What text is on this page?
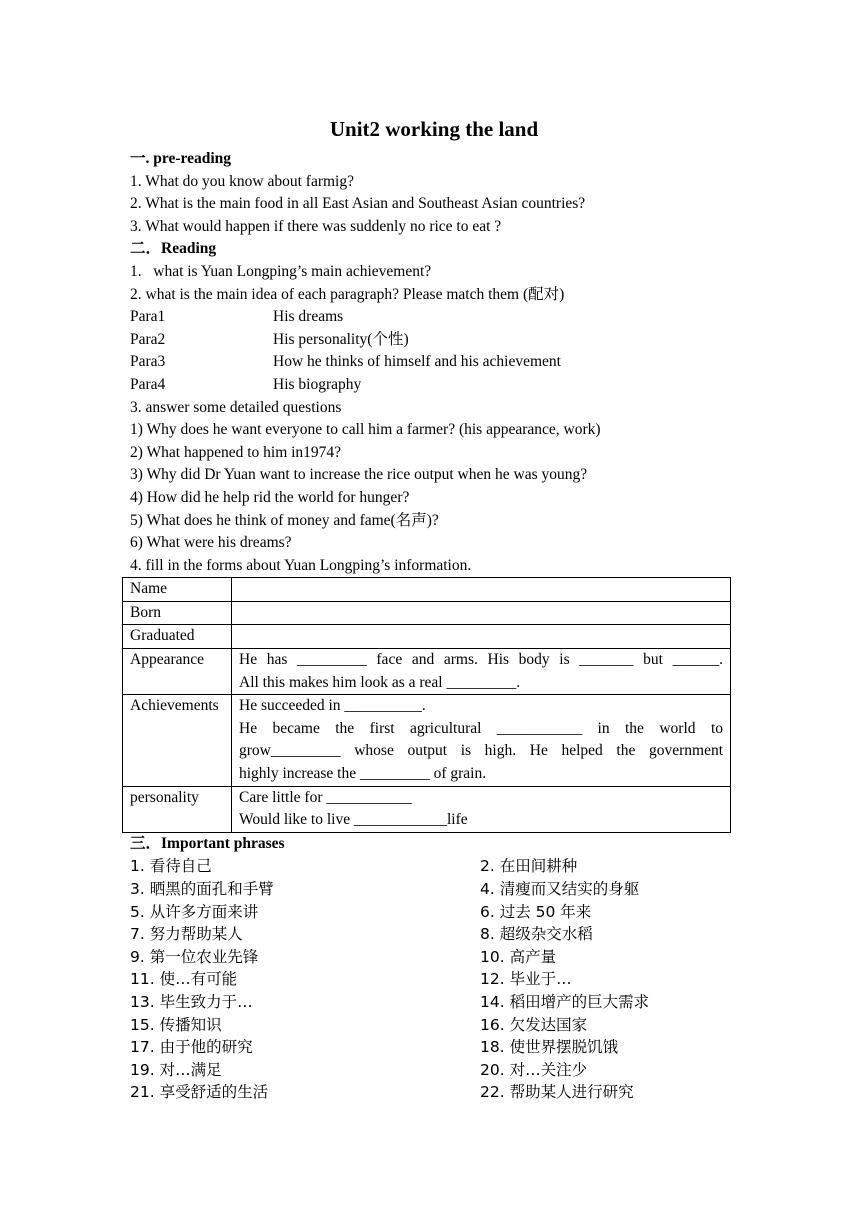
Unit2 working the land
一. pre-reading
1. What do you know about farmig?
2. What is the main food in all East Asian and Southeast Asian countries?
3. What would happen if there was suddenly no rice to eat ?
二．Reading
1.   what is Yuan Longping’s main achievement?
2. what is the main idea of each paragraph? Please match them (配对)
Para1	His dreams
Para2	His personality(个性)
Para3	How he thinks of himself and his achievement
Para4	His biography
3. answer some detailed questions
1) Why does he want everyone to call him a farmer? (his appearance, work)
2) What happened to him in1974?
3) Why did Dr Yuan want to increase the rice output when he was young?
4) How did he help rid the world for hunger?
5) What does he think of money and fame(名声)?
6) What were his dreams?
4. fill in the forms about Yuan Longping’s information.
Name	
Born	
Graduated	
Appearance	He has _________ face and arms. His body is _______ but ______.
All this makes him look as a real _________.

Achievements	He succeeded in __________.
He became the first agricultural ___________ in the world to
grow_________ whose output is high. He helped the government
highly increase the _________ of grain.

personality	Care little for ___________
Would like to live ____________life
三．Important phrases
1. 看待自己	2. 在田间耕种
3. 晒黑的面孔和手臂	4. 清瘦而又结实的身躯
5. 从许多方面来讲	6. 过去 50 年来
7. 努力帮助某人	8. 超级杂交水稻
9. 第一位农业先锋	10. 高产量
11. 使…有可能	12. 毕业于…
13. 毕生致力于…	14. 稻田增产的巨大需求
15. 传播知识	16. 欠发达国家
17. 由于他的研究	18. 使世界摆脱饥饿
19. 对…满足	20. 对…关注少
21. 享受舒适的生活	22. 帮助某人进行研究
